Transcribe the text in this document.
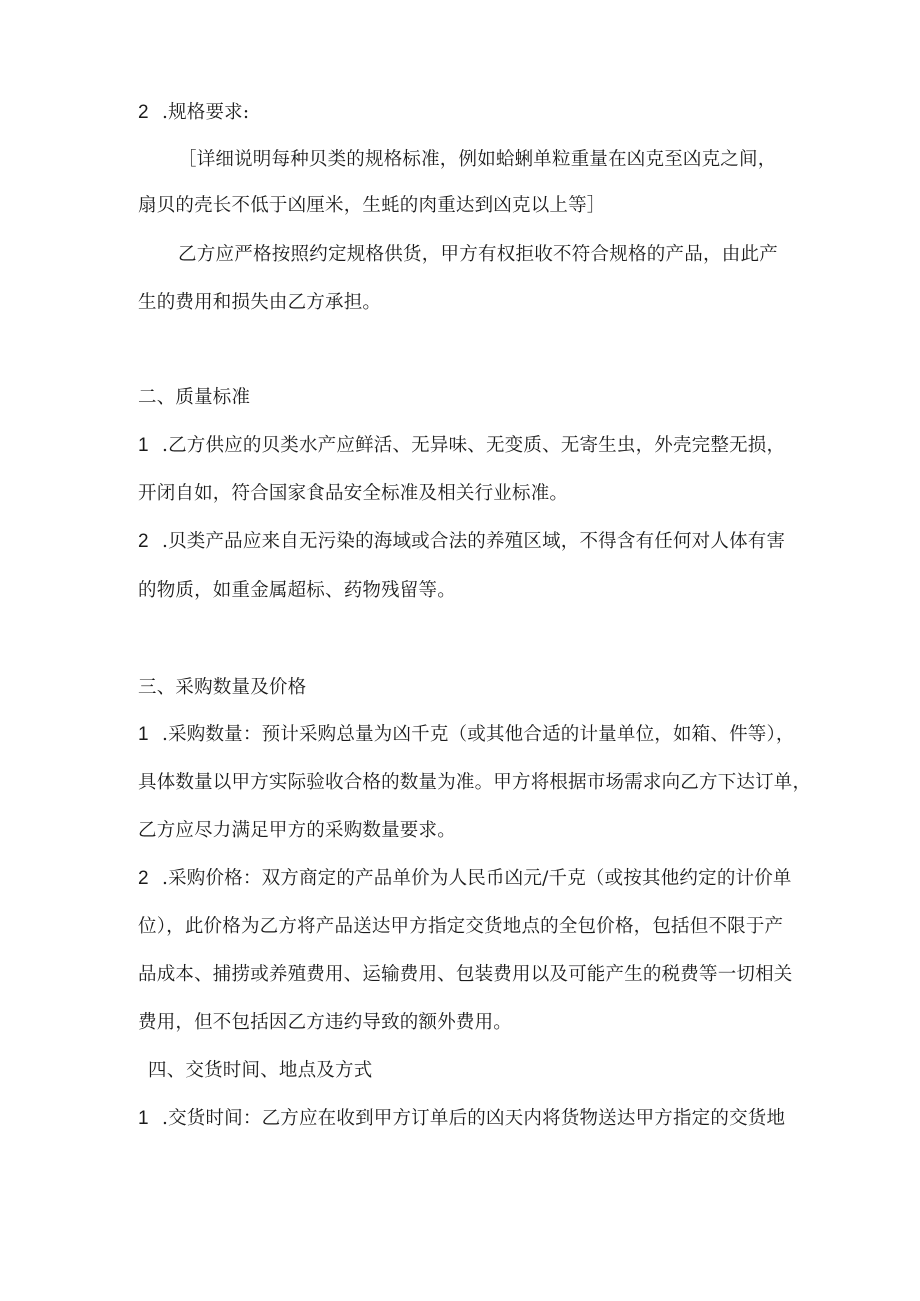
2 .规格要求:
［详细说明每种贝类的规格标准，例如蛤蜊单粒重量在凶克至凶克之间，
扇贝的壳长不低于凶厘米，生蚝的肉重达到凶克以上等］
乙方应严格按照约定规格供货，甲方有权拒收不符合规格的产品，由此产
生的费用和损失由乙方承担。
二、质量标准
1 .乙方供应的贝类水产应鲜活、无异味、无变质、无寄生虫，外壳完整无损，
开闭自如，符合国家食品安全标准及相关行业标准。
2 .贝类产品应来自无污染的海域或合法的养殖区域，不得含有任何对人体有害
的物质，如重金属超标、药物残留等。
三、采购数量及价格
1 .采购数量：预计采购总量为凶千克（或其他合适的计量单位，如箱、件等），
具体数量以甲方实际验收合格的数量为准。甲方将根据市场需求向乙方下达订单，
乙方应尽力满足甲方的采购数量要求。
2 .采购价格：双方商定的产品单价为人民币凶元/千克（或按其他约定的计价单
位），此价格为乙方将产品送达甲方指定交货地点的全包价格，包括但不限于产
品成本、捕捞或养殖费用、运输费用、包装费用以及可能产生的税费等一切相关
费用，但不包括因乙方违约导致的额外费用。
四、交货时间、地点及方式
1 .交货时间：乙方应在收到甲方订单后的凶天内将货物送达甲方指定的交货地
